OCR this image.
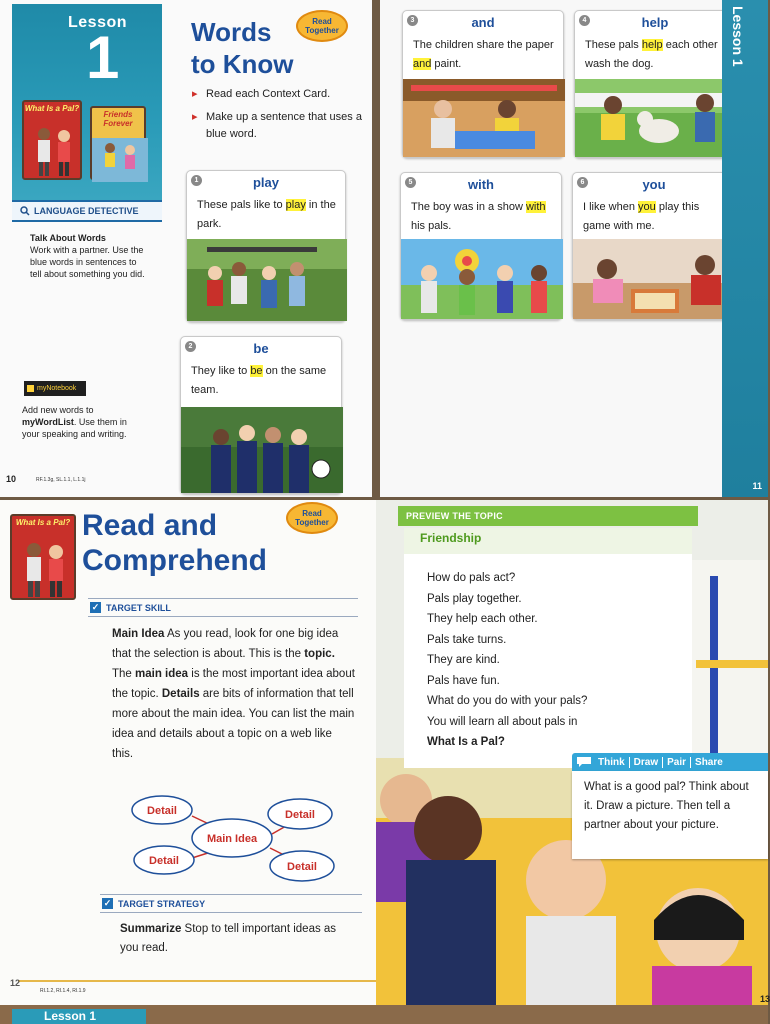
Lesson
1
What Is a Pal?
Friends Forever
LANGUAGE DETECTIVE
Talk About Words
Work with a partner. Use the blue words in sentences to tell about something you did.
myNotebook
Add new words to myWordList. Use them in your speaking and writing.
10	RF.1.3g, SL.1.1, L.1.1j
Words
to Know
Read Together
▸ Read each Context Card.
▸ Make up a sentence that uses a blue word.
1	play
These pals like to play in the park.
2	be
They like to be on the same team.
3	and
The children share the paper and paint.
4	help
These pals help each other wash the dog.
5	with
The boy was in a show with his pals.
6	you
I like when you play this game with me.
Lesson 1
11
What Is a Pal? Read and
Comprehend
Read Together
✓ TARGET SKILL
Main Idea As you read, look for one big idea that the selection is about. This is the topic. The main idea is the most important idea about the topic. Details are bits of information that tell more about the main idea. You can list the main idea and details about a topic on a web like this.
Detail	Detail
Main Idea
Detail	Detail
✓ TARGET STRATEGY
Summarize Stop to tell important ideas as you read.
12
RI.1.2, RI.1.4, RI.1.9
PREVIEW THE TOPIC
Friendship
How do pals act?
Pals play together.
They help each other.
Pals take turns.
They are kind.
Pals have fun.
What do you do with your pals?
You will learn all about pals in
What Is a Pal?
Think Draw Pair Share
What is a good pal? Think about it. Draw a picture. Then tell a partner about your picture.
13
Lesson 1
